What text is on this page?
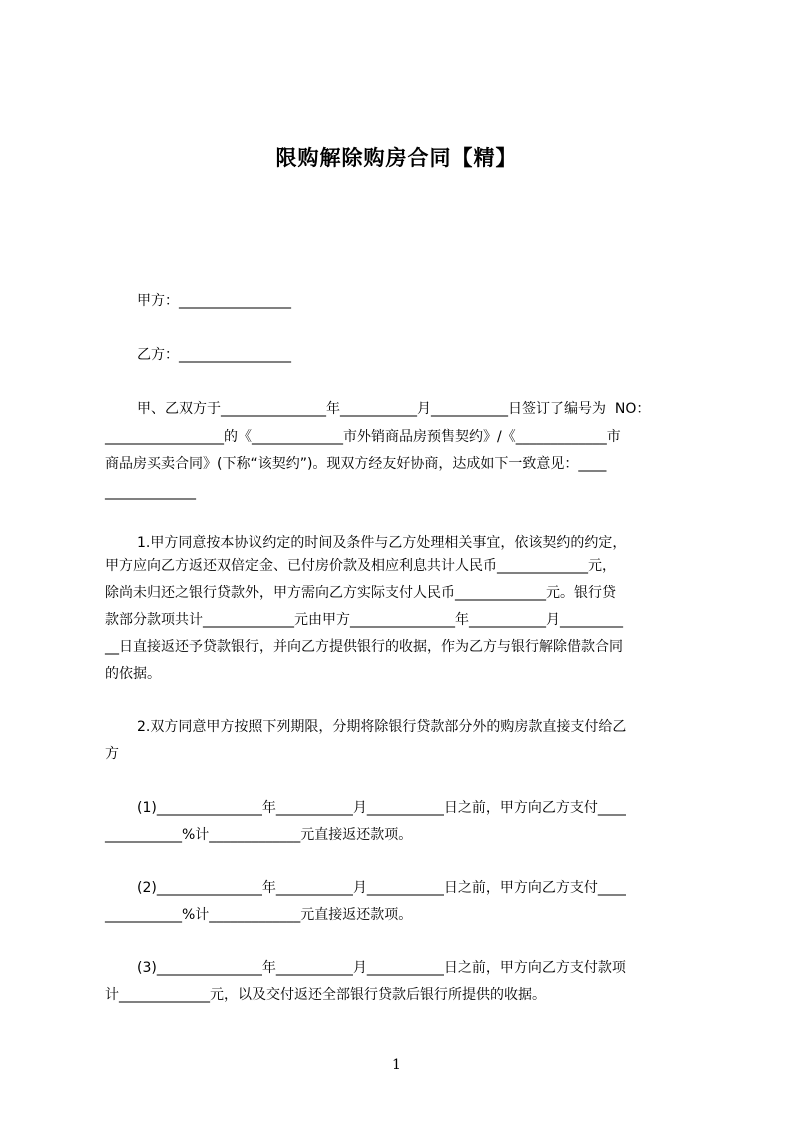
限购解除购房合同【精】
甲方：________________
乙方：________________
甲、乙双方于_______________年___________月___________日签订了编号为  NO：
_________________的《_____________市外销商品房预售契约》/《_____________市
商品房买卖合同》(下称“该契约”)。现双方经友好协商，达成如下一致意见：____
_____________
1.甲方同意按本协议约定的时间及条件与乙方处理相关事宜，依该契约的约定，
甲方应向乙方返还双倍定金、已付房价款及相应利息共计人民币_____________元，
除尚未归还之银行贷款外，甲方需向乙方实际支付人民币_____________元。银行贷
款部分款项共计_____________元由甲方_______________年___________月_________
__日直接返还予贷款银行，并向乙方提供银行的收据，作为乙方与银行解除借款合同
的依据。
2.双方同意甲方按照下列期限，分期将除银行贷款部分外的购房款直接支付给乙
方
(1)_______________年___________月___________日之前，甲方向乙方支付____
___________%计_____________元直接返还款项。
(2)_______________年___________月___________日之前，甲方向乙方支付____
___________%计_____________元直接返还款项。
(3)_______________年___________月___________日之前，甲方向乙方支付款项
计_____________元，以及交付返还全部银行贷款后银行所提供的收据。
1
